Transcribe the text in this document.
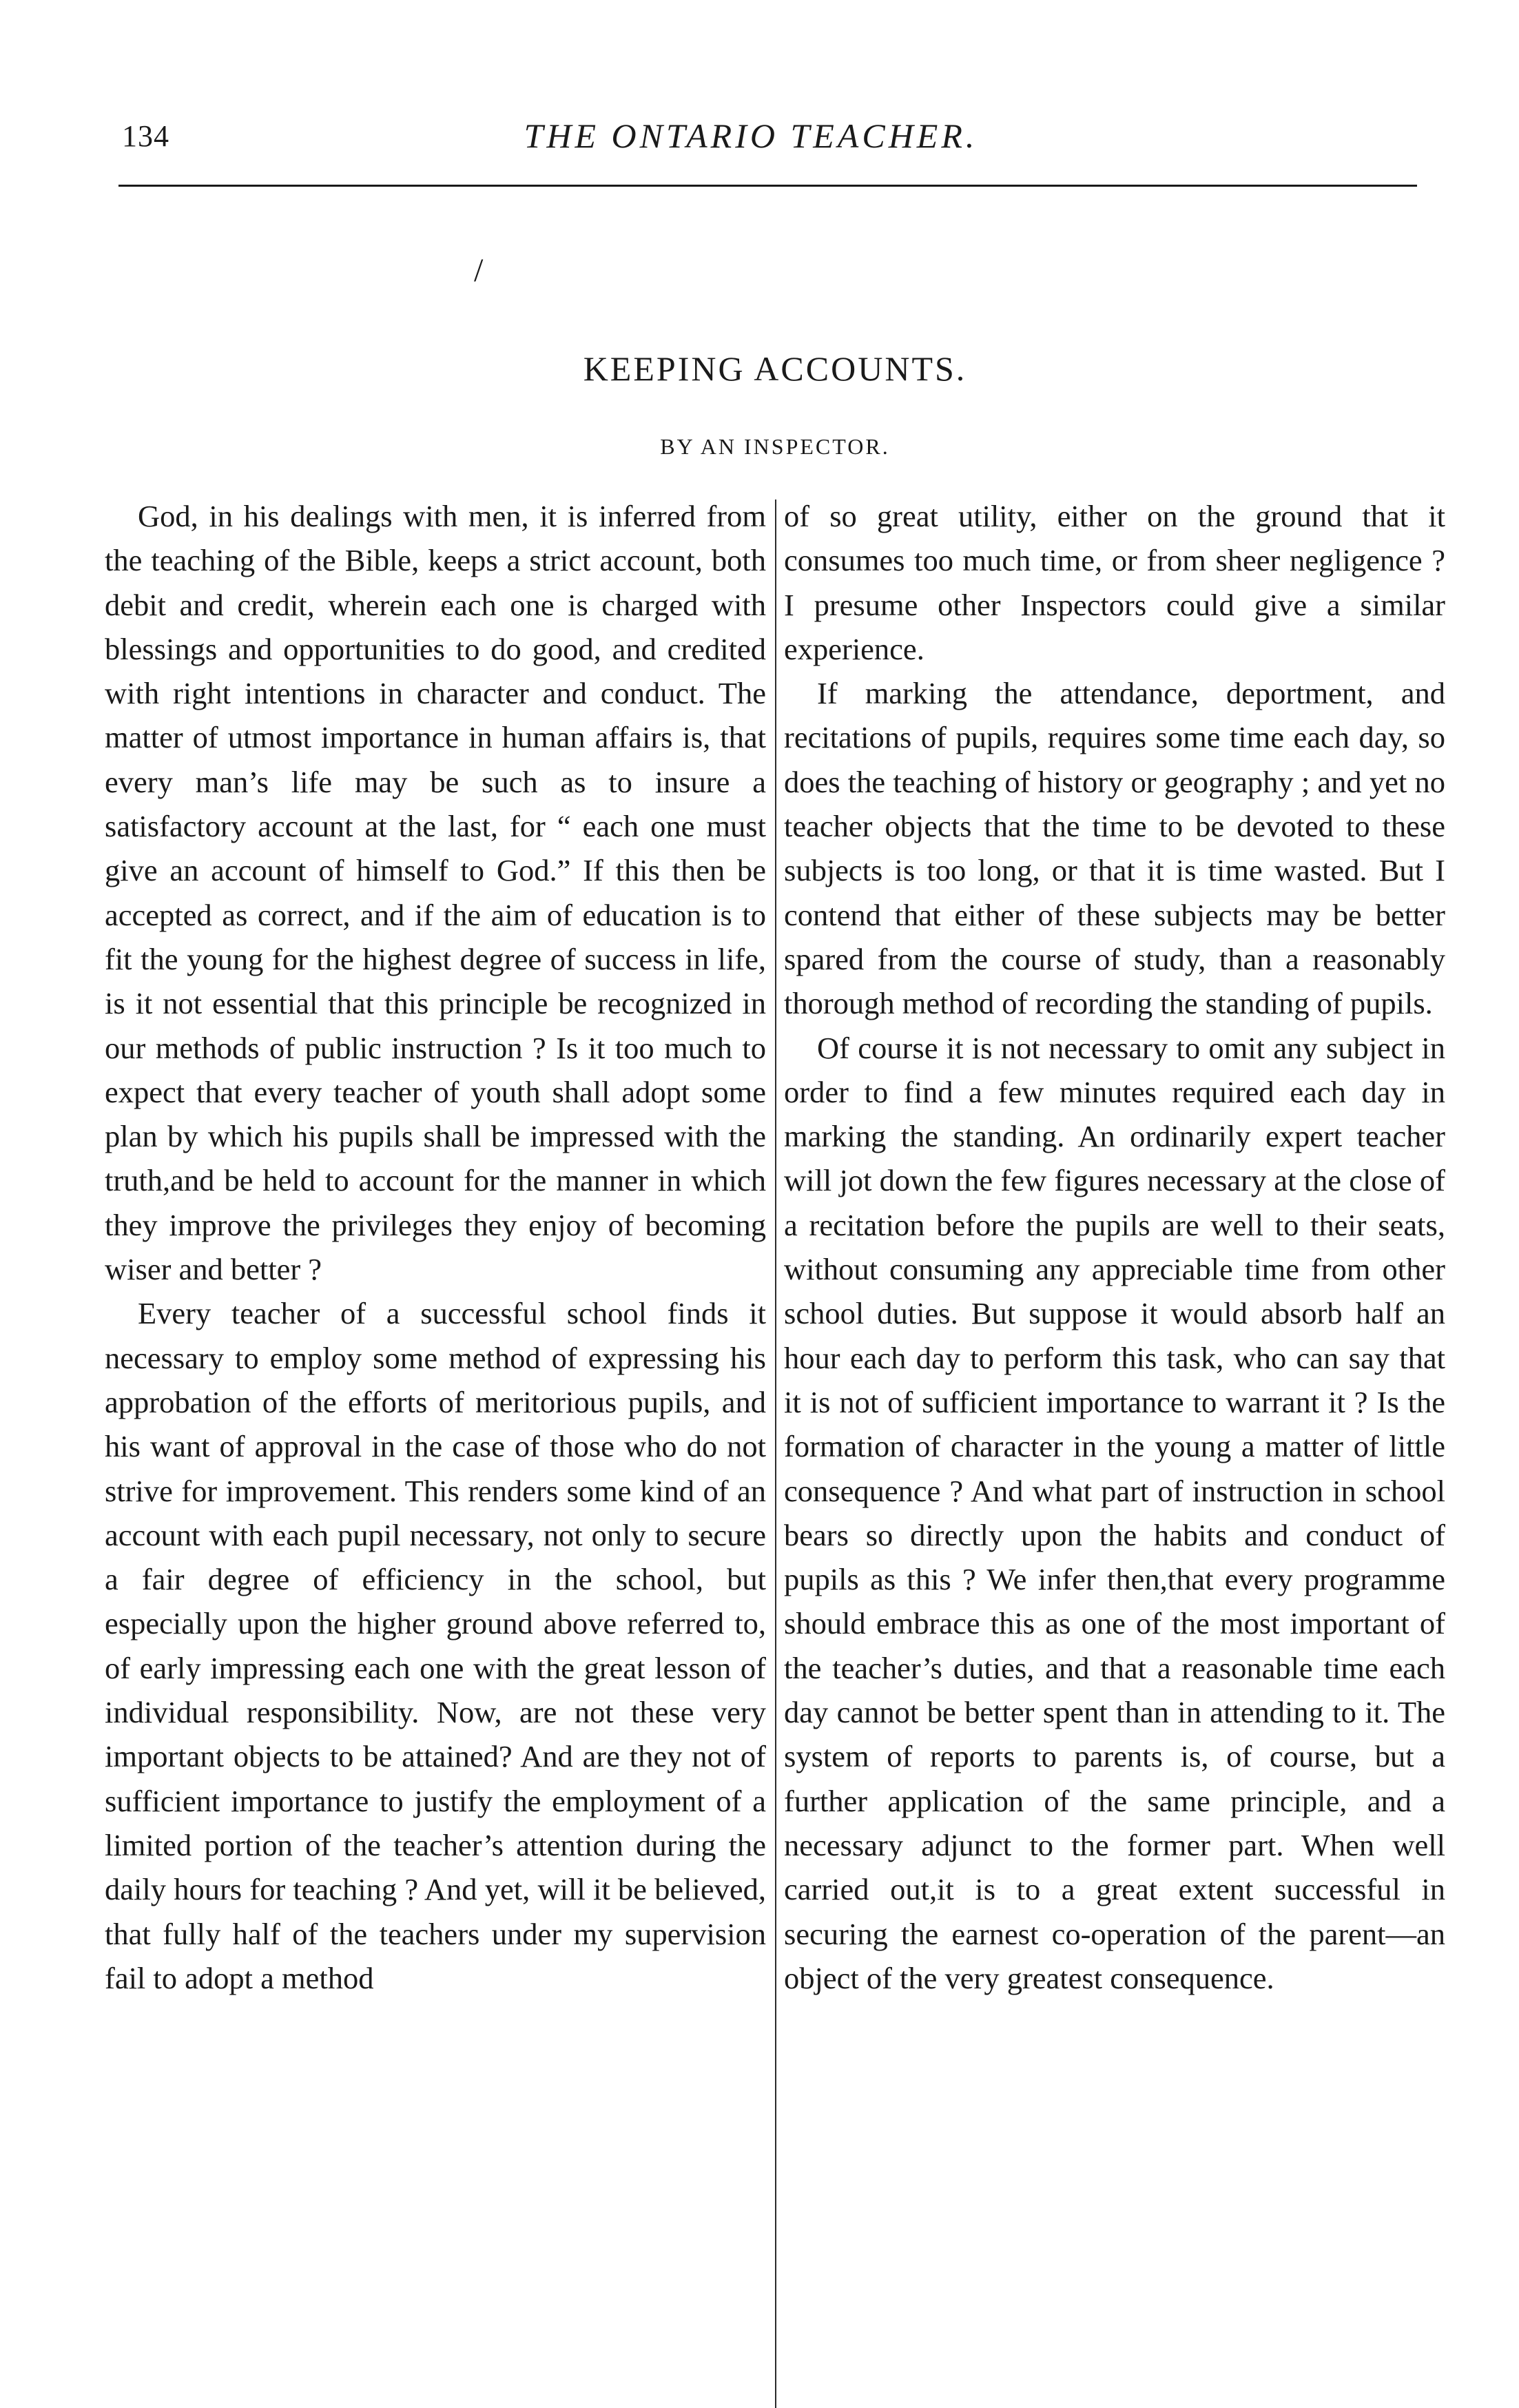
134	THE ONTARIO TEACHER.
/
KEEPING ACCOUNTS.
BY AN INSPECTOR.

God, in his dealings with men, it is inferred from the teaching of the Bible, keeps a strict account, both debit and credit, wherein each one is charged with blessings and opportunities to do good, and credited with right intentions in character and conduct. The matter of utmost importance in human affairs is, that every man’s life may be such as to insure a satisfactory account at the last, for “ each one must give an account of himself to God.” If this then be accepted as correct, and if the aim of education is to fit the young for the highest degree of success in life, is it not essential that this principle be recognized in our methods of public instruction ? Is it too much to expect that every teacher of youth shall adopt some plan by which his pupils shall be impressed with the truth,and be held to account for the manner in which they improve the privileges they enjoy of becoming wiser and better ?

Every teacher of a successful school finds it necessary to employ some method of expressing his approbation of the efforts of meritorious pupils, and his want of approval in the case of those who do not strive for improvement. This renders some kind of an account with each pupil necessary, not only to secure a fair degree of efficiency in the school, but especially upon the higher ground above referred to, of early impressing each one with the great lesson of individual responsibility. Now, are not these very important objects to be attained? And are they not of sufficient importance to justify the employment of a limited portion of the teacher’s attention during the daily hours for teaching ? And yet, will it be believed, that fully half of the teachers under my supervision fail to adopt a method

of so great utility, either on the ground that it consumes too much time, or from sheer negligence ? I presume other Inspectors could give a similar experience.

If marking the attendance, deportment, and recitations of pupils, requires some time each day, so does the teaching of history or geography ; and yet no teacher objects that the time to be devoted to these subjects is too long, or that it is time wasted. But I contend that either of these subjects may be better spared from the course of study, than a reasonably thorough method of recording the standing of pupils.

Of course it is not necessary to omit any subject in order to find a few minutes required each day in marking the standing. An ordinarily expert teacher will jot down the few figures necessary at the close of a recitation before the pupils are well to their seats, without consuming any appreciable time from other school duties. But suppose it would absorb half an hour each day to perform this task, who can say that it is not of sufficient importance to warrant it ? Is the formation of character in the young a matter of little consequence ? And what part of instruction in school bears so directly upon the habits and conduct of pupils as this ? We infer then,that every programme should embrace this as one of the most important of the teacher’s duties, and that a reasonable time each day cannot be better spent than in attending to it. The system of reports to parents is, of course, but a further application of the same principle, and a necessary adjunct to the former part. When well carried out,it is to a great extent successful in securing the earnest co-operation of the parent—an object of the very greatest consequence.
